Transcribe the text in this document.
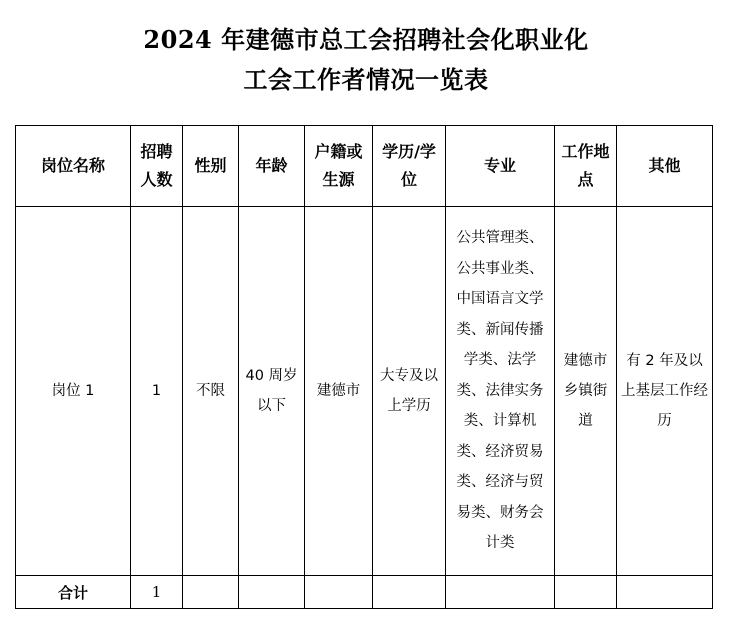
2024 年建德市总工会招聘社会化职业化
工会工作者情况一览表
岗位名称	招聘人数	性别	年龄	户籍或生源	学历/学位	专业	工作地点	其他
岗位 1	1	不限	40 周岁以下	建德市	大专及以上学历	公共管理类、公共事业类、中国语言文学类、新闻传播学类、法学类、法律实务类、计算机类、经济贸易类、经济与贸易类、财务会计类	建德市乡镇街道	有 2 年及以上基层工作经历
合计	1							
